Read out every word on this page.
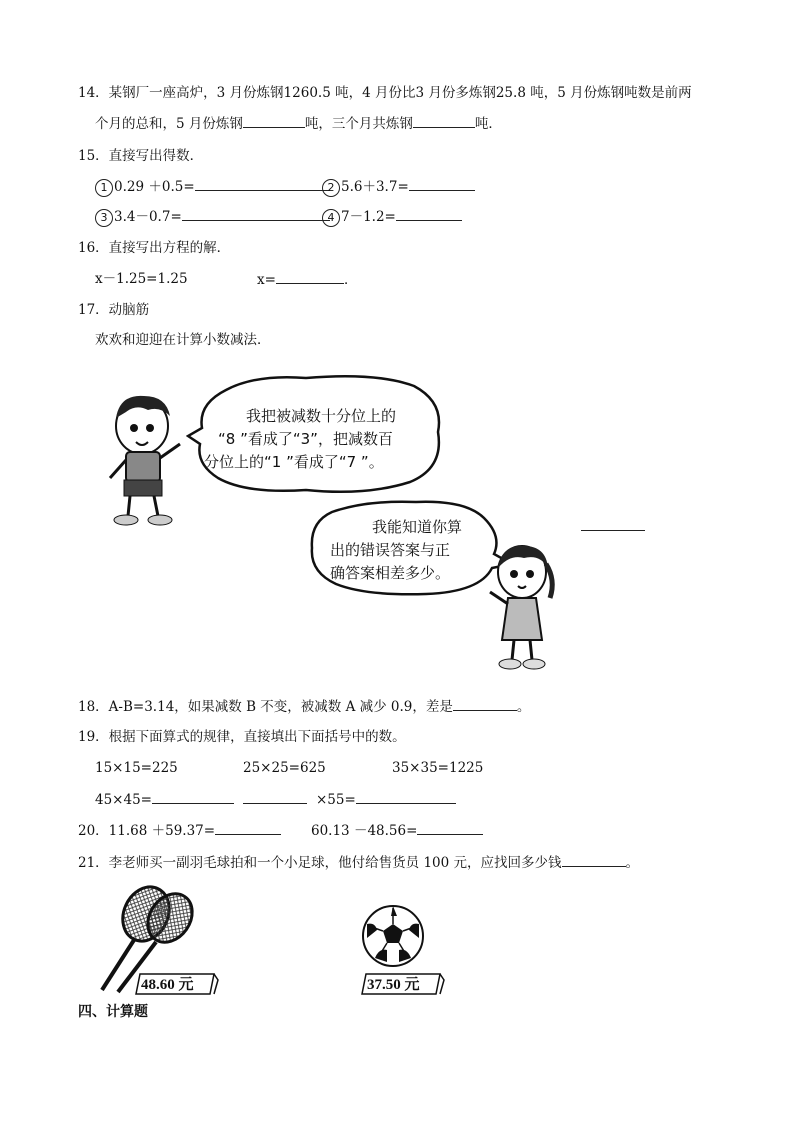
14．某钢厂一座高炉，3 月份炼钢1260.5 吨，4 月份比3 月份多炼钢25.8 吨，5 月份炼钢吨数是前两
个月的总和，5 月份炼钢	吨，三个月共炼钢	吨．
15．直接写出得数．
1 0.29 ＋0.5=	2 5.6＋3.7=
3 3.4－0.7=	4 7－1.2=
16．直接写出方程的解．
x－1.25=1.25	x=	．
17．动脑筋
欢欢和迎迎在计算小数减法．
我把被减数十分位上的
“8 ”看成了“3”，把减数百
分位上的“1 ”看成了“7 ”。
我能知道你算
出的错误答案与正
确答案相差多少。
18．A-B=3.14，如果减数 B 不变，被减数 A 减少 0.9，差是	。
19．根据下面算式的规律，直接填出下面括号中的数。
15×15=225	25×25=625	35×35=1225
45×45=	×55=
20．11.68 ＋59.37=	60.13 －48.56=
21．李老师买一副羽毛球拍和一个小足球，他付给售货员 100 元，应找回多少钱	。
48.60 元	37.50 元
四、计算题
